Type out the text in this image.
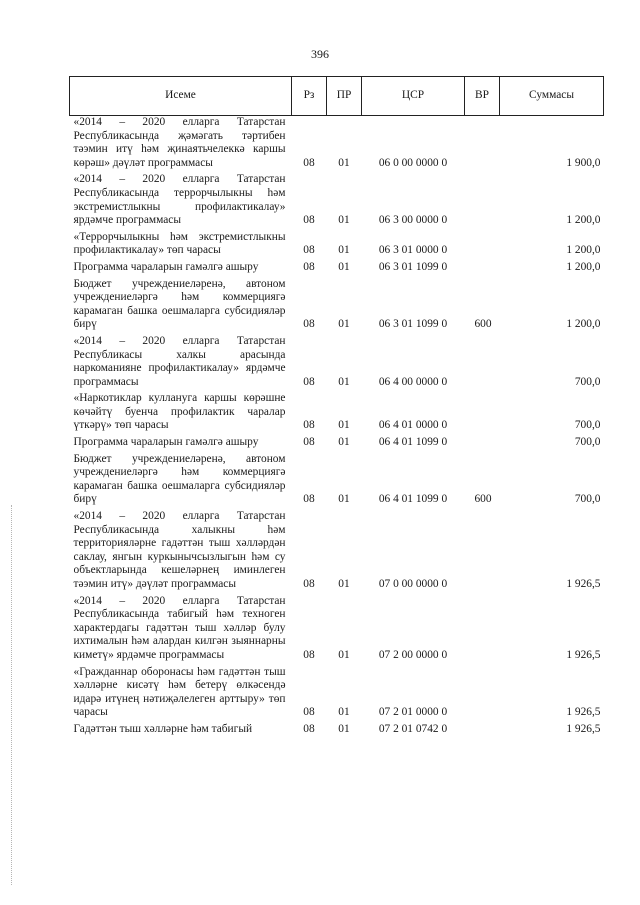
396
Исеме	Рз	ПР	ЦСР	ВР	Суммасы
«2014 – 2020 елларга Татарстан Республикасында җәмәгать тәртибен тәэмин итү һәм җинаятьчелеккә каршы көрәш» дәүләт программасы	08	01	06 0 00 0000 0		1 900,0
«2014 – 2020 елларга Татарстан Республикасында террорчылыкны һәм экстремистлыкны профилактикалау» ярдәмче программасы	08	01	06 3 00 0000 0		1 200,0
«Террорчылыкны һәм экстремистлыкны профилактикалау» төп чарасы	08	01	06 3 01 0000 0		1 200,0
Программа чараларын гамәлгә ашыру	08	01	06 3 01 1099 0		1 200,0
Бюджет учреждениеләренә, автоном учреждениеләргә һәм коммерциягә карамаган башка оешмаларга субсидияләр бирү	08	01	06 3 01 1099 0	600	1 200,0
«2014 – 2020 елларга Татарстан Республикасы халкы арасында наркоманияне профилактикалау» ярдәмче программасы	08	01	06 4 00 0000 0		700,0
«Наркотиклар кулланугa каршы көрәшне көчәйтү буенча профилактик чаралар үткәрү» төп чарасы	08	01	06 4 01 0000 0		700,0
Программа чараларын гамәлгә ашыру	08	01	06 4 01 1099 0		700,0
Бюджет учреждениеләренә, автоном учреждениеләргә һәм коммерциягә карамаган башка оешмаларга субсидияләр бирү	08	01	06 4 01 1099 0	600	700,0
«2014 – 2020 елларга Татарстан Республикасында халыкны һәм территорияләрне гадәттән тыш хәлләрдән саклау, янгын куркынычсызлыгын һәм су объектларында кешеләрнең иминлеген тәэмин итү» дәүләт программасы	08	01	07 0 00 0000 0		1 926,5
«2014 – 2020 елларга Татарстан Республикасында табигый һәм техноген характердагы гадәттән тыш хәлләр булу ихтималын һәм алардан килгән зыяннарны киметү» ярдәмче программасы	08	01	07 2 00 0000 0		1 926,5
«Гражданнар оборонасы һәм гадәттән тыш хәлләрне кисәтү һәм бетерү өлкәсендә идарә итүнең нәтиҗәлелеген арттыру» төп чарасы	08	01	07 2 01 0000 0		1 926,5
Гадәттән тыш хәлләрне һәм табигый	08	01	07 2 01 0742 0		1 926,5
